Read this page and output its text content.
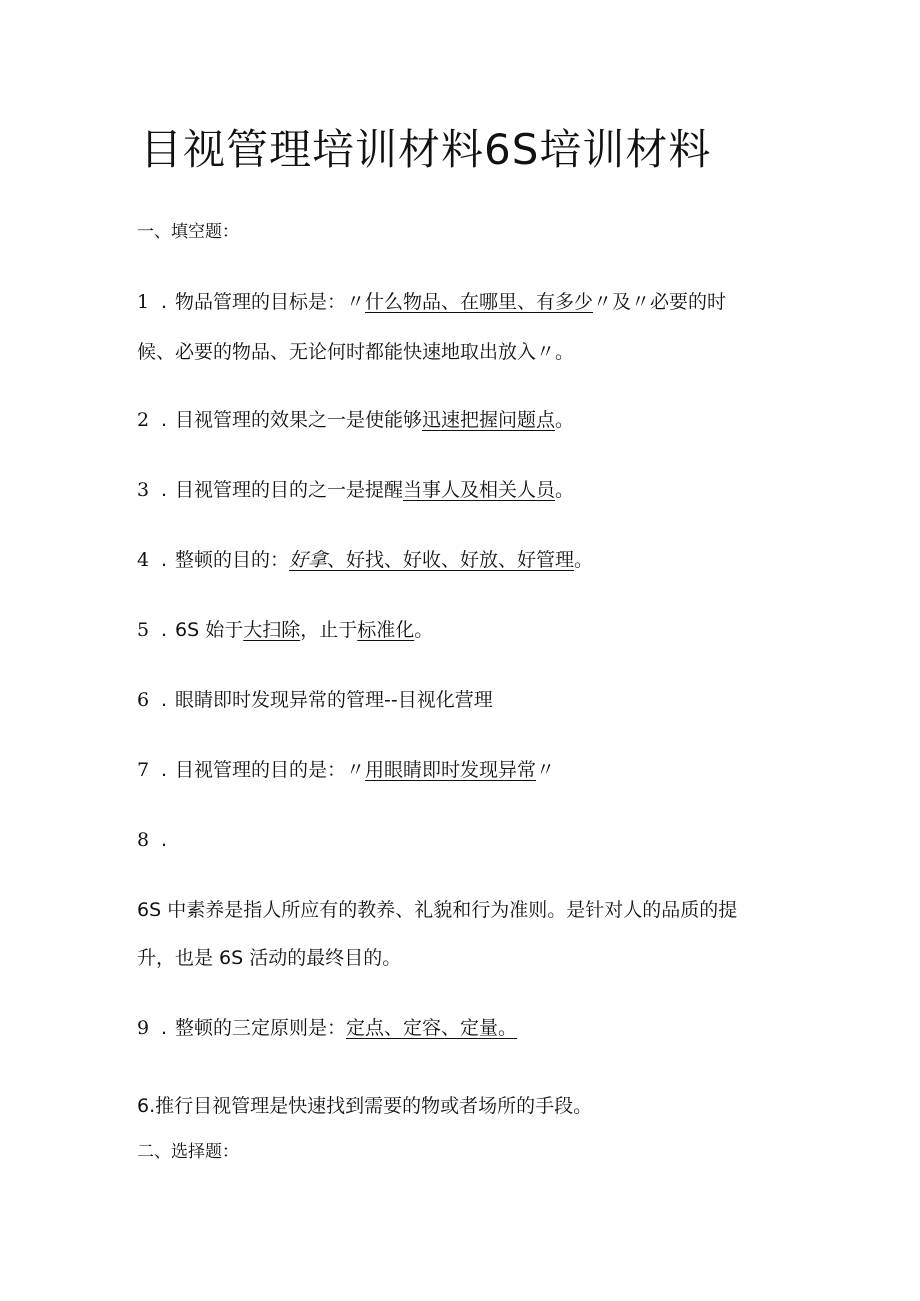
目视管理培训材料6S培训材料
一、填空题：
1 . 物品管理的目标是：〃什么物品、在哪里、有多少〃及〃必要的时
候、必要的物品、无论何时都能快速地取出放入〃。
2 . 目视管理的效果之一是使能够迅速把握问题点。
3 . 目视管理的目的之一是提醒当事人及相关人员。
4 . 整顿的目的：好拿、好找、好收、好放、好管理。
5 . 6S 始于大扫除，止于标准化。
6 . 眼睛即时发现异常的管理--目视化营理
7 . 目视管理的目的是：〃用眼睛即时发现异常〃
8 .
6S 中素养是指人所应有的教养、礼貌和行为准则。是针对人的品质的提
升，也是 6S 活动的最终目的。
9 . 整顿的三定原则是：定点、定容、定量。
6.推行目视管理是快速找到需要的物或者场所的手段。
二、选择题：
